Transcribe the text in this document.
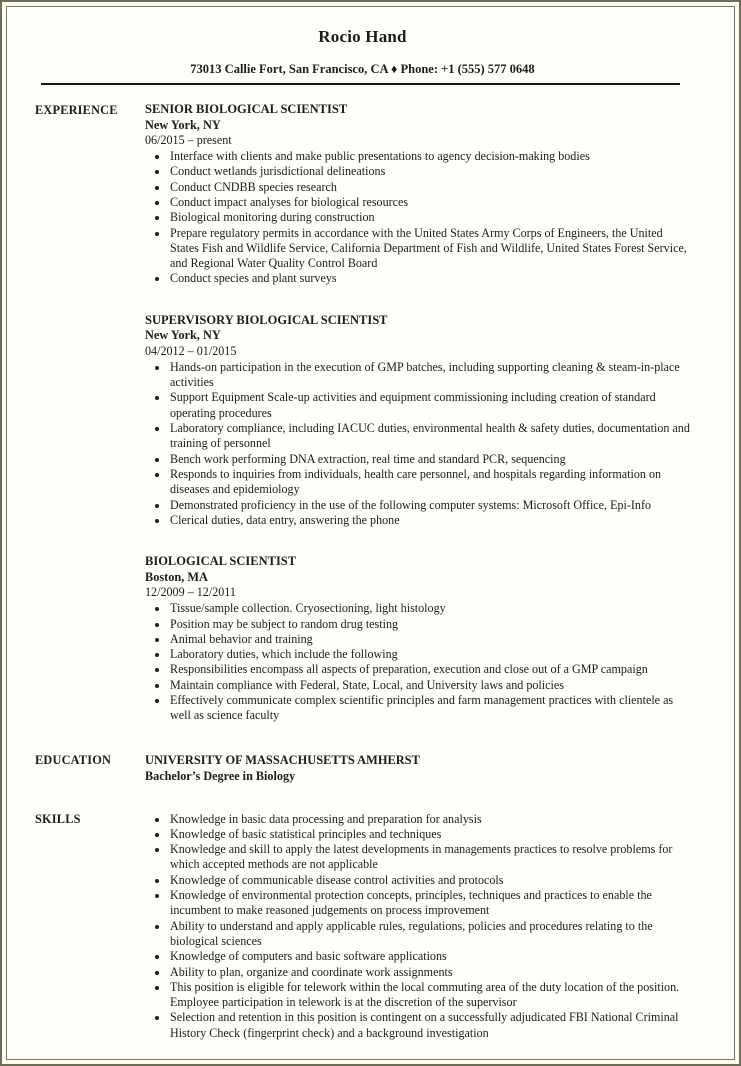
Rocio Hand
73013 Callie Fort, San Francisco, CA ♦ Phone: +1 (555) 577 0648
EXPERIENCE	SENIOR BIOLOGICAL SCIENTIST
New York, NY
06/2015 – present
• Interface with clients and make public presentations to agency decision-making bodies
• Conduct wetlands jurisdictional delineations
• Conduct CNDBB species research
• Conduct impact analyses for biological resources
• Biological monitoring during construction
• Prepare regulatory permits in accordance with the United States Army Corps of Engineers, the United States Fish and Wildlife Service, California Department of Fish and Wildlife, United States Forest Service, and Regional Water Quality Control Board
• Conduct species and plant surveys
SUPERVISORY BIOLOGICAL SCIENTIST
New York, NY
04/2012 – 01/2015
• Hands-on participation in the execution of GMP batches, including supporting cleaning & steam-in-place activities
• Support Equipment Scale-up activities and equipment commissioning including creation of standard operating procedures
• Laboratory compliance, including IACUC duties, environmental health & safety duties, documentation and training of personnel
• Bench work performing DNA extraction, real time and standard PCR, sequencing
• Responds to inquiries from individuals, health care personnel, and hospitals regarding information on diseases and epidemiology
• Demonstrated proficiency in the use of the following computer systems: Microsoft Office, Epi-Info
• Clerical duties, data entry, answering the phone
BIOLOGICAL SCIENTIST
Boston, MA
12/2009 – 12/2011
• Tissue/sample collection. Cryosectioning, light histology
• Position may be subject to random drug testing
• Animal behavior and training
• Laboratory duties, which include the following
• Responsibilities encompass all aspects of preparation, execution and close out of a GMP campaign
• Maintain compliance with Federal, State, Local, and University laws and policies
• Effectively communicate complex scientific principles and farm management practices with clientele as well as science faculty
EDUCATION	UNIVERSITY OF MASSACHUSETTS AMHERST
Bachelor’s Degree in Biology
SKILLS	• Knowledge in basic data processing and preparation for analysis
• Knowledge of basic statistical principles and techniques
• Knowledge and skill to apply the latest developments in managements practices to resolve problems for which accepted methods are not applicable
• Knowledge of communicable disease control activities and protocols
• Knowledge of environmental protection concepts, principles, techniques and practices to enable the incumbent to make reasoned judgements on process improvement
• Ability to understand and apply applicable rules, regulations, policies and procedures relating to the biological sciences
• Knowledge of computers and basic software applications
• Ability to plan, organize and coordinate work assignments
• This position is eligible for telework within the local commuting area of the duty location of the position. Employee participation in telework is at the discretion of the supervisor
• Selection and retention in this position is contingent on a successfully adjudicated FBI National Criminal History Check (fingerprint check) and a background investigation
